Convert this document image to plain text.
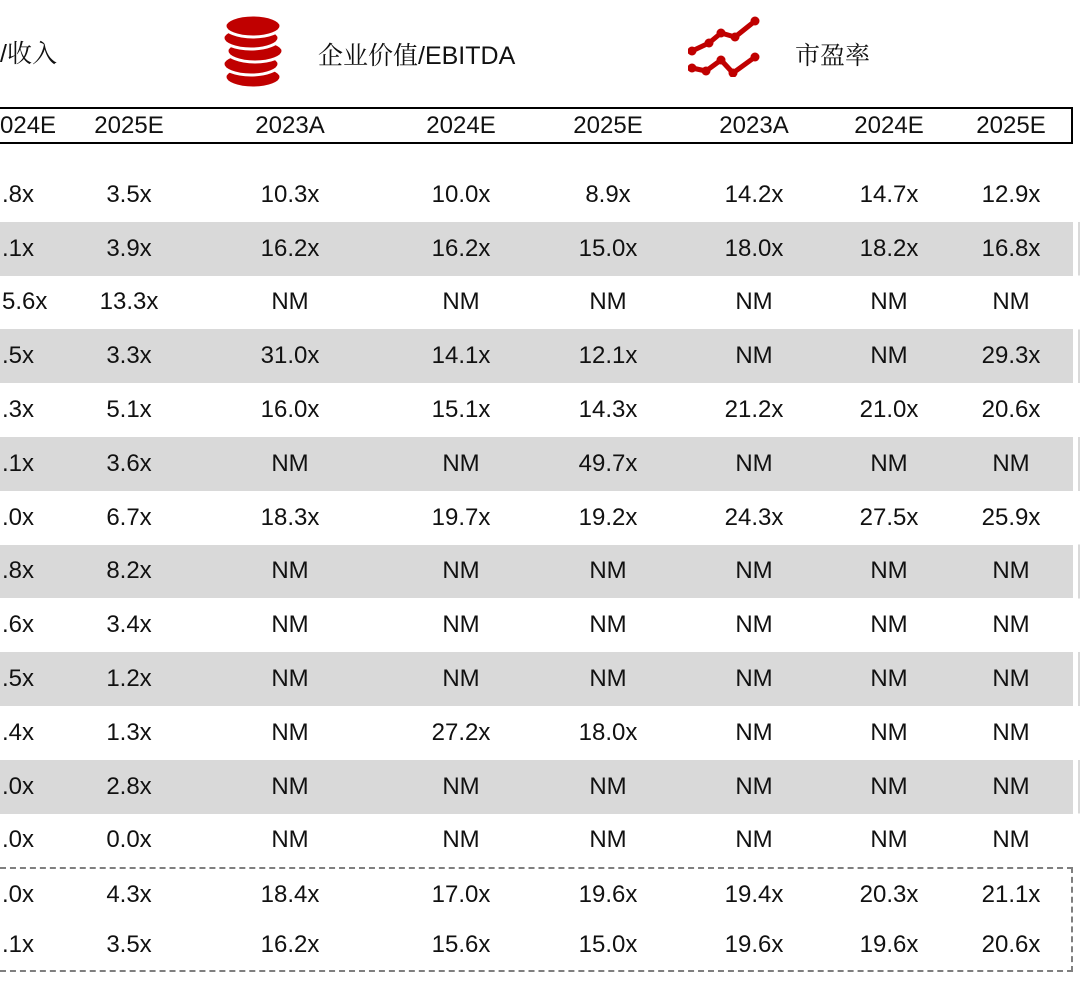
/收入	企业价值/EBITDA	市盈率
024E	2025E	2023A	2024E	2025E	2023A	2024E	2025E
.8x	3.5x	10.3x	10.0x	8.9x	14.2x	14.7x	12.9x
.1x	3.9x	16.2x	16.2x	15.0x	18.0x	18.2x	16.8x
5.6x	13.3x	NM	NM	NM	NM	NM	NM
.5x	3.3x	31.0x	14.1x	12.1x	NM	NM	29.3x
.3x	5.1x	16.0x	15.1x	14.3x	21.2x	21.0x	20.6x
.1x	3.6x	NM	NM	49.7x	NM	NM	NM
.0x	6.7x	18.3x	19.7x	19.2x	24.3x	27.5x	25.9x
.8x	8.2x	NM	NM	NM	NM	NM	NM
.6x	3.4x	NM	NM	NM	NM	NM	NM
.5x	1.2x	NM	NM	NM	NM	NM	NM
.4x	1.3x	NM	27.2x	18.0x	NM	NM	NM
.0x	2.8x	NM	NM	NM	NM	NM	NM
.0x	0.0x	NM	NM	NM	NM	NM	NM
.0x	4.3x	18.4x	17.0x	19.6x	19.4x	20.3x	21.1x
.1x	3.5x	16.2x	15.6x	15.0x	19.6x	19.6x	20.6x
